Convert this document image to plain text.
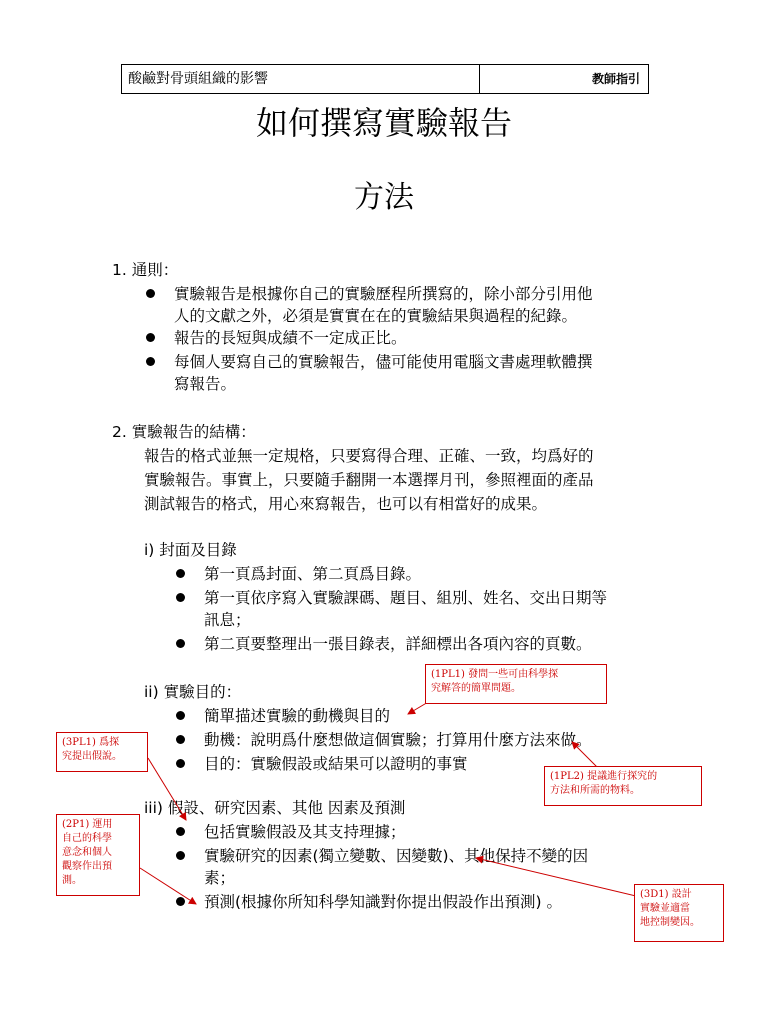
酸鹼對骨頭組織的影響	教師指引
如何撰寫實驗報告
方法
1. 通則：
實驗報告是根據你自己的實驗歷程所撰寫的，除小部分引用他
人的文獻之外，必須是實實在在的實驗結果與過程的紀錄。
報告的長短與成績不一定成正比。
每個人要寫自己的實驗報告，儘可能使用電腦文書處理軟體撰
寫報告。
2. 實驗報告的結構：
報告的格式並無一定規格，只要寫得合理、正確、一致，均爲好的
實驗報告。事實上，只要隨手翻開一本選擇月刊，參照裡面的產品
測試報告的格式，用心來寫報告，也可以有相當好的成果。
i) 封面及目錄
第一頁爲封面、第二頁爲目錄。
第一頁依序寫入實驗課碼、題目、組別、姓名、交出日期等
訊息；
第二頁要整理出一張目錄表，詳細標出各項內容的頁數。
ii) 實驗目的：
簡單描述實驗的動機與目的
動機：說明爲什麼想做這個實驗；打算用什麼方法來做。
目的：實驗假設或結果可以證明的事實
iii) 假設、研究因素、其他 因素及預測
包括實驗假設及其支持理據；
實驗研究的因素(獨立變數、因變數)、其他保持不變的因
素；
預測(根據你所知科學知識對你提出假設作出預測) 。
(1PL1) 發問一些可由科學探
究解答的簡單問題。
(3PL1) 爲探
究提出假說。
(1PL2) 提議進行探究的
方法和所需的物料。
(2P1) 運用
自己的科學
意念和個人
觀察作出預
測。
(3D1) 設計
實驗並適當
地控制變因。
